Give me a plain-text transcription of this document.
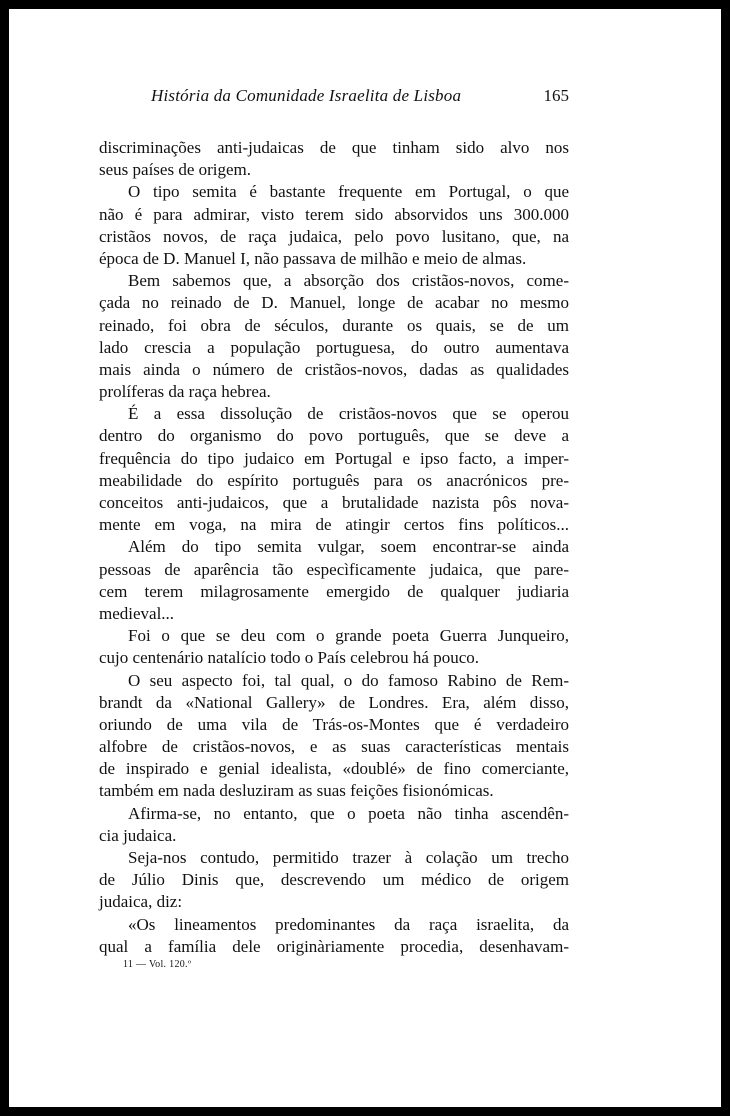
História da Comunidade Israelita de Lisboa	165
discriminações anti-judaicas de que tinham sido alvo nos
seus países de origem.
O tipo semita é bastante frequente em Portugal, o que
não é para admirar, visto terem sido absorvidos uns 300.000
cristãos novos, de raça judaica, pelo povo lusitano, que, na
época de D. Manuel I, não passava de milhão e meio de almas.
Bem sabemos que, a absorção dos cristãos-novos, come-
çada no reinado de D. Manuel, longe de acabar no mesmo
reinado, foi obra de séculos, durante os quais, se de um
lado crescia a população portuguesa, do outro aumentava
mais ainda o número de cristãos-novos, dadas as qualidades
prolíferas da raça hebrea.
É a essa dissolução de cristãos-novos que se operou
dentro do organismo do povo português, que se deve a
frequência do tipo judaico em Portugal e ipso facto, a imper-
meabilidade do espírito português para os anacrónicos pre-
conceitos anti-judaicos, que a brutalidade nazista pôs nova-
mente em voga, na mira de atingir certos fins políticos...
Além do tipo semita vulgar, soem encontrar-se ainda
pessoas de aparência tão especìficamente judaica, que pare-
cem terem milagrosamente emergido de qualquer judiaria
medieval...
Foi o que se deu com o grande poeta Guerra Junqueiro,
cujo centenário natalício todo o País celebrou há pouco.
O seu aspecto foi, tal qual, o do famoso Rabino de Rem-
brandt da «National Gallery» de Londres. Era, além disso,
oriundo de uma vila de Trás-os-Montes que é verdadeiro
alfobre de cristãos-novos, e as suas características mentais
de inspirado e genial idealista, «doublé» de fino comerciante,
também em nada desluziram as suas feições fisionómicas.
Afirma-se, no entanto, que o poeta não tinha ascendên-
cia judaica.
Seja-nos contudo, permitido trazer à colação um trecho
de Júlio Dinis que, descrevendo um médico de origem
judaica, diz:
«Os lineamentos predominantes da raça israelita, da
qual a família dele originàriamente procedia, desenhavam-
11 — Vol. 120.º
